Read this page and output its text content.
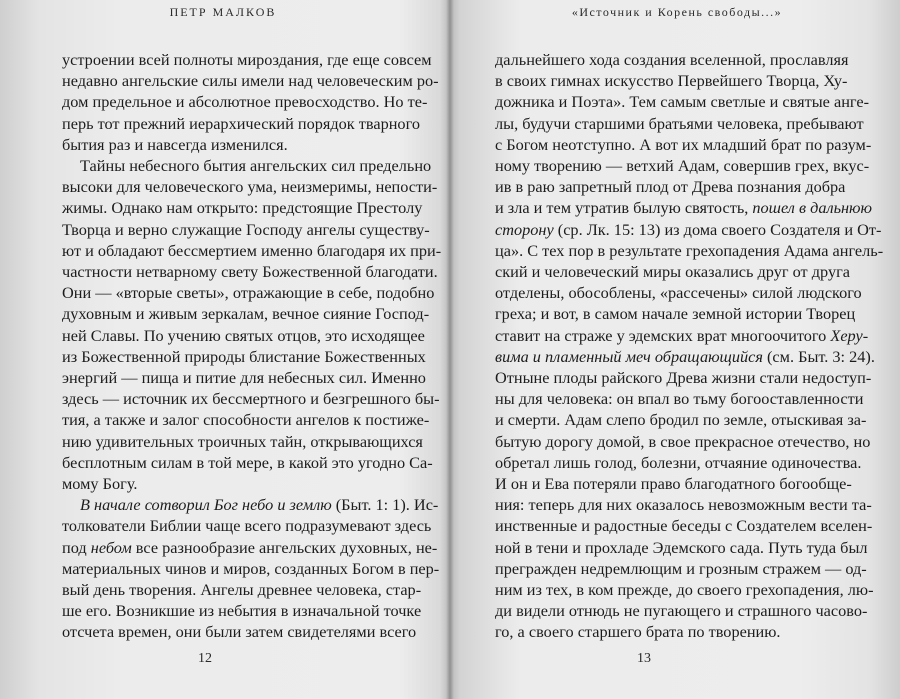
ПЕТР МАЛКОВ
устроении всей полноты мироздания, где еще совсем
недавно ангельские силы имели над человеческим ро-
дом предельное и абсолютное превосходство. Но те-
перь тот прежний иерархический порядок тварного
бытия раз и навсегда изменился.
Тайны небесного бытия ангельских сил предельно
высоки для человеческого ума, неизмеримы, непости-
жимы. Однако нам открыто: предстоящие Престолу
Творца и верно служащие Господу ангелы существу-
ют и обладают бессмертием именно благодаря их при-
частности нетварному свету Божественной благодати.
Они — «вторые светы», отражающие в себе, подобно
духовным и живым зеркалам, вечное сияние Господ-
ней Славы. По учению святых отцов, это исходящее
из Божественной природы блистание Божественных
энергий — пища и питие для небесных сил. Именно
здесь — источник их бессмертного и безгрешного бы-
тия, а также и залог способности ангелов к постиже-
нию удивительных троичных тайн, открывающихся
бесплотным силам в той мере, в какой это угодно Са-
мому Богу.
В начале сотворил Бог небо и землю (Быт. 1: 1). Ис-
толкователи Библии чаще всего подразумевают здесь
под небом все разнообразие ангельских духовных, не-
материальных чинов и миров, созданных Богом в пер-
вый день творения. Ангелы древнее человека, стар-
ше его. Возникшие из небытия в изначальной точке
отсчета времен, они были затем свидетелями всего
12
«Источник и Корень свободы...»
дальнейшего хода создания вселенной, прославляя
в своих гимнах искусство Первейшего Творца, Ху-
дожника и Поэта». Тем самым светлые и святые анге-
лы, будучи старшими братьями человека, пребывают
с Богом неотступно. А вот их младший брат по разум-
ному творению — ветхий Адам, совершив грех, вкус-
ив в раю запретный плод от Древа познания добра
и зла и тем утратив былую святость, пошел в дальнюю
сторону (ср. Лк. 15: 13) из дома своего Создателя и От-
ца». С тех пор в результате грехопадения Адама ангель-
ский и человеческий миры оказались друг от друга
отделены, обособлены, «рассечены» силой людского
греха; и вот, в самом начале земной истории Творец
ставит на страже у эдемских врат многоочитого Херу-
вима и пламенный меч обращающийся (см. Быт. 3: 24).
Отныне плоды райского Древа жизни стали недоступ-
ны для человека: он впал во тьму богооставленности
и смерти. Адам слепо бродил по земле, отыскивая за-
бытую дорогу домой, в свое прекрасное отечество, но
обретал лишь голод, болезни, отчаяние одиночества.
И он и Ева потеряли право благодатного богообще-
ния: теперь для них оказалось невозможным вести та-
инственные и радостные беседы с Создателем вселен-
ной в тени и прохладе Эдемского сада. Путь туда был
прегражден недремлющим и грозным стражем — од-
ним из тех, в ком прежде, до своего грехопадения, лю-
ди видели отнюдь не пугающего и страшного часово-
го, а своего старшего брата по творению.
13
